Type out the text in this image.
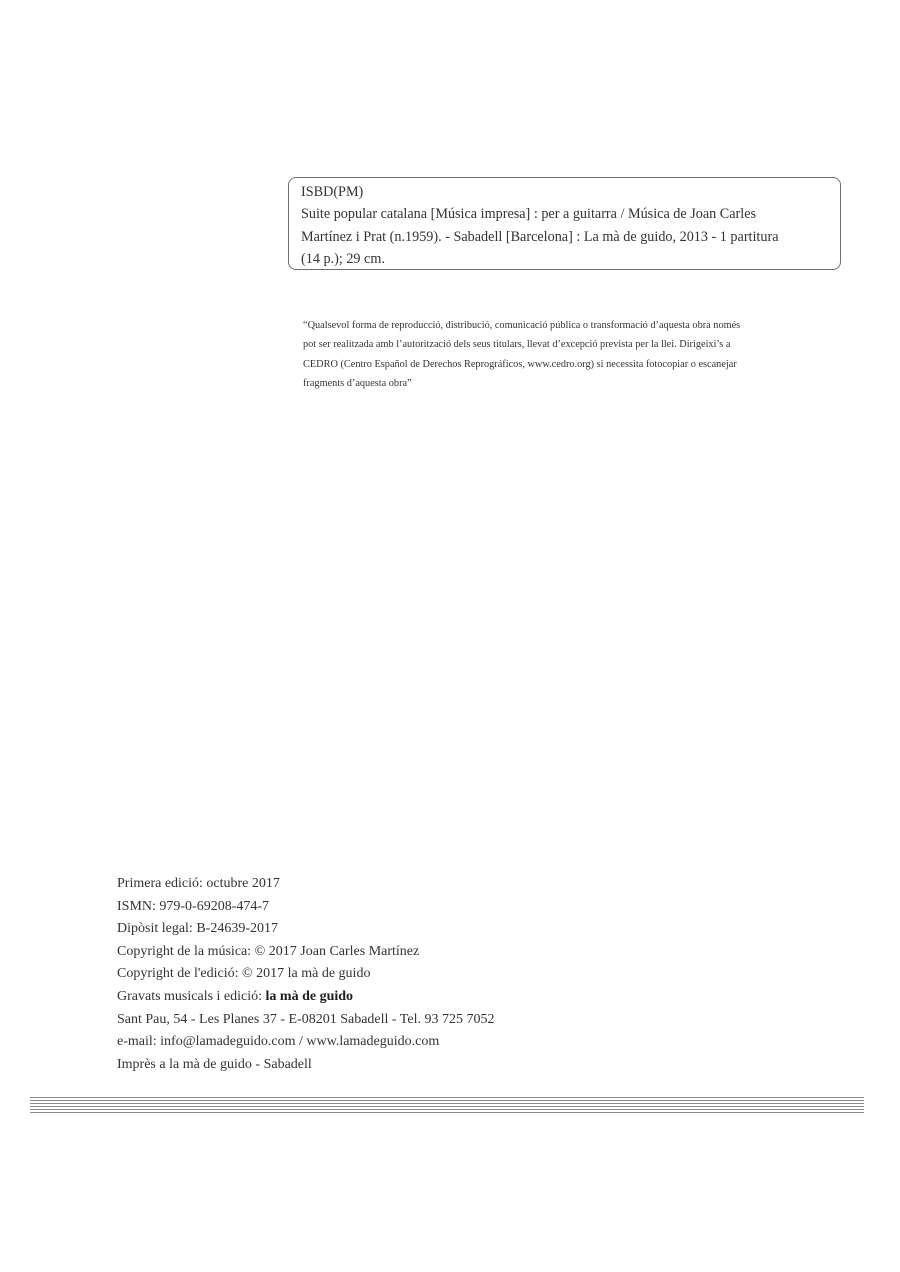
ISBD(PM)
Suite popular catalana [Música impresa] : per a guitarra / Música de Joan Carles
Martínez i Prat (n.1959). - Sabadell [Barcelona] : La mà de guido, 2013 - 1 partitura
(14 p.); 29 cm.
“Qualsevol forma de reproducció, distribució, comunicació pública o transformació d’aquesta obra només
pot ser realitzada amb l’autorització dels seus titulars, llevat d’excepció prevista per la llei. Dirigeixi’s a
CEDRO (Centro Español de Derechos Reprográficos, www.cedro.org) si necessita fotocopiar o escanejar
fragments d’aquesta obra”
Primera edició: octubre 2017
ISMN: 979-0-69208-474-7
Dipòsit legal: B-24639-2017
Copyright de la música: © 2017 Joan Carles Martínez
Copyright de l'edició: © 2017 la mà de guido
Gravats musicals i edició: la mà de guido
Sant Pau, 54 - Les Planes 37 - E-08201 Sabadell - Tel. 93 725 7052
e-mail: info@lamadeguido.com / www.lamadeguido.com
Imprès a la mà de guido - Sabadell
